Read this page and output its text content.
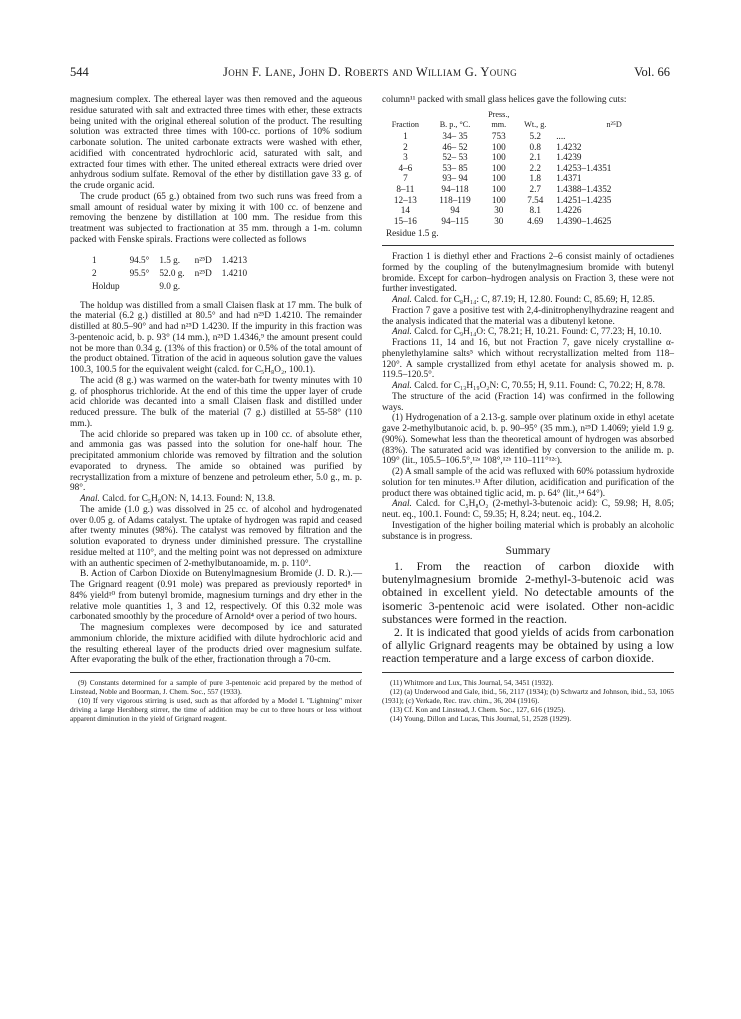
544	John F. Lane, John D. Roberts and William G. Young	Vol. 66

magnesium complex. The ethereal layer was then removed and the aqueous residue saturated with salt and extracted three times with ether, these extracts being united with the original ethereal solution of the product. The resulting solution was extracted three times with 100-cc. portions of 10% sodium carbonate solution. The united carbonate extracts were washed with ether, acidified with concentrated hydrochloric acid, saturated with salt, and extracted four times with ether. The united ethereal extracts were dried over anhydrous sodium sulfate. Removal of the ether by distillation gave 33 g. of the crude organic acid.

The crude product (65 g.) obtained from two such runs was freed from a small amount of residual water by mixing it with 100 cc. of benzene and removing the benzene by distillation at 100 mm. The residue from this treatment was subjected to fractionation at 35 mm. through a 1-m. column packed with Fenske spirals. Fractions were collected as follows

1	94.5°	1.5 g.	n²⁵D	1.4213
2	95.5°	52.0 g.	n²⁵D	1.4210
Holdup		9.0 g.		

The holdup was distilled from a small Claisen flask at 17 mm. The bulk of the material (6.2 g.) distilled at 80.5° and had n²⁵D 1.4210. The remainder distilled at 80.5–90° and had n²⁵D 1.4230. If the impurity in this fraction was 3-pentenoic acid, b. p. 93° (14 mm.), n²⁵D 1.4346,⁹ the amount present could not be more than 0.34 g. (13% of this fraction) or 0.5% of the total amount of the product obtained. Titration of the acid in aqueous solution gave the values 100.3, 100.5 for the equivalent weight (calcd. for C₅H₈O₂, 100.1).

The acid (8 g.) was warmed on the water-bath for twenty minutes with 10 g. of phosphorus trichloride. At the end of this time the upper layer of crude acid chloride was decanted into a small Claisen flask and distilled under reduced pressure. The bulk of the material (7 g.) distilled at 55-58° (110 mm.).

The acid chloride so prepared was taken up in 100 cc. of absolute ether, and ammonia gas was passed into the solution for one-half hour. The precipitated ammonium chloride was removed by filtration and the solution evaporated to dryness. The amide so obtained was purified by recrystallization from a mixture of benzene and petroleum ether, 5.0 g., m. p. 98°.

Anal. Calcd. for C₅H₉ON: N, 14.13. Found: N, 13.8.

The amide (1.0 g.) was dissolved in 25 cc. of alcohol and hydrogenated over 0.05 g. of Adams catalyst. The uptake of hydrogen was rapid and ceased after twenty minutes (98%). The catalyst was removed by filtration and the solution evaporated to dryness under diminished pressure. The crystalline residue melted at 110°, and the melting point was not depressed on admixture with an authentic specimen of 2-methylbutanoamide, m. p. 110°.

B. Action of Carbon Dioxide on Butenylmagnesium Bromide (J. D. R.).—The Grignard reagent (0.91 mole) was prepared as previously reported⁸ in 84% yield¹⁰ from butenyl bromide, magnesium turnings and dry ether in the relative mole quantities 1, 3 and 12, respectively. Of this 0.32 mole was carbonated smoothly by the procedure of Arnold⁴ over a period of two hours.

The magnesium complexes were decomposed by ice and saturated ammonium chloride, the mixture acidified with dilute hydrochloric acid and the resulting ethereal layer of the products dried over magnesium sulfate. After evaporating the bulk of the ether, fractionation through a 70-cm.

(9) Constants determined for a sample of pure 3-pentenoic acid prepared by the method of Linstead, Noble and Boorman, J. Chem. Soc., 557 (1933).

(10) If very vigorous stirring is used, such as that afforded by a Model L "Lightning" mixer driving a large Hershberg stirrer, the time of addition may be cut to three hours or less without apparent diminution in the yield of Grignard reagent.

column¹¹ packed with small glass helices gave the following cuts:

Fraction	B. p., °C.	Press., mm.	Wt., g.	n²⁵D
1	34– 35	753	5.2	....
2	46– 52	100	0.8	1.4232
3	52– 53	100	2.1	1.4239
4–6	53– 85	100	2.2	1.4253–1.4351
7	93– 94	100	1.8	1.4371
8–11	94–118	100	2.7	1.4388–1.4352
12–13	118–119	100	7.54	1.4251–1.4235
14	94	30	8.1	1.4226
15–16	94–115	30	4.69	1.4390–1.4625
Residue 1.5 g.

Fraction 1 is diethyl ether and Fractions 2–6 consist mainly of octadienes formed by the coupling of the butenylmagnesium bromide with butenyl bromide. Except for carbon–hydrogen analysis on Fraction 3, these were not further investigated.

Anal. Calcd. for C₈H₁₄: C, 87.19; H, 12.80. Found: C, 85.69; H, 12.85.

Fraction 7 gave a positive test with 2,4-dinitrophenylhydrazine reagent and the analysis indicated that the material was a dibutenyl ketone.

Anal. Calcd. for C₉H₁₄O: C, 78.21; H, 10.21. Found: C, 77.23; H, 10.10.

Fractions 11, 14 and 16, but not Fraction 7, gave nicely crystalline α-phenylethylamine salts⁵ which without recrystallization melted from 118–120°. A sample crystallized from ethyl acetate for analysis showed m. p. 119.5–120.5°.

Anal. Calcd. for C₁₃H₁₉O₂N: C, 70.55; H, 9.11. Found: C, 70.22; H, 8.78.

The structure of the acid (Fraction 14) was confirmed in the following ways.

(1) Hydrogenation of a 2.13-g. sample over platinum oxide in ethyl acetate gave 2-methylbutanoic acid, b. p. 90–95° (35 mm.), n²⁵D 1.4069; yield 1.9 g. (90%). Somewhat less than the theoretical amount of hydrogen was absorbed (83%). The saturated acid was identified by conversion to the anilide m. p. 109° (lit., 105.5–106.5°,¹²ᵃ 108°,¹²ᵇ 110–111°¹²ᶜ).

(2) A small sample of the acid was refluxed with 60% potassium hydroxide solution for ten minutes.¹³ After dilution, acidification and purification of the product there was obtained tiglic acid, m. p. 64° (lit.,¹⁴ 64°).

Anal. Calcd. for C₅H₈O₂ (2-methyl-3-butenoic acid): C, 59.98; H, 8.05; neut. eq., 100.1. Found: C, 59.35; H, 8.24; neut. eq., 104.2.

Investigation of the higher boiling material which is probably an alcoholic substance is in progress.

Summary

1. From the reaction of carbon dioxide with butenylmagnesium bromide 2-methyl-3-butenoic acid was obtained in excellent yield. No detectable amounts of the isomeric 3-pentenoic acid were isolated. Other non-acidic substances were formed in the reaction.

2. It is indicated that good yields of acids from carbonation of allylic Grignard reagents may be obtained by using a low reaction temperature and a large excess of carbon dioxide.

(11) Whitmore and Lux, This Journal, 54, 3451 (1932).

(12) (a) Underwood and Gale, ibid., 56, 2117 (1934); (b) Schwartz and Johnson, ibid., 53, 1065 (1931); (c) Verkade, Rec. trav. chim., 36, 204 (1916).

(13) Cf. Kon and Linstead, J. Chem. Soc., 127, 616 (1925).

(14) Young, Dillon and Lucas, This Journal, 51, 2528 (1929).
